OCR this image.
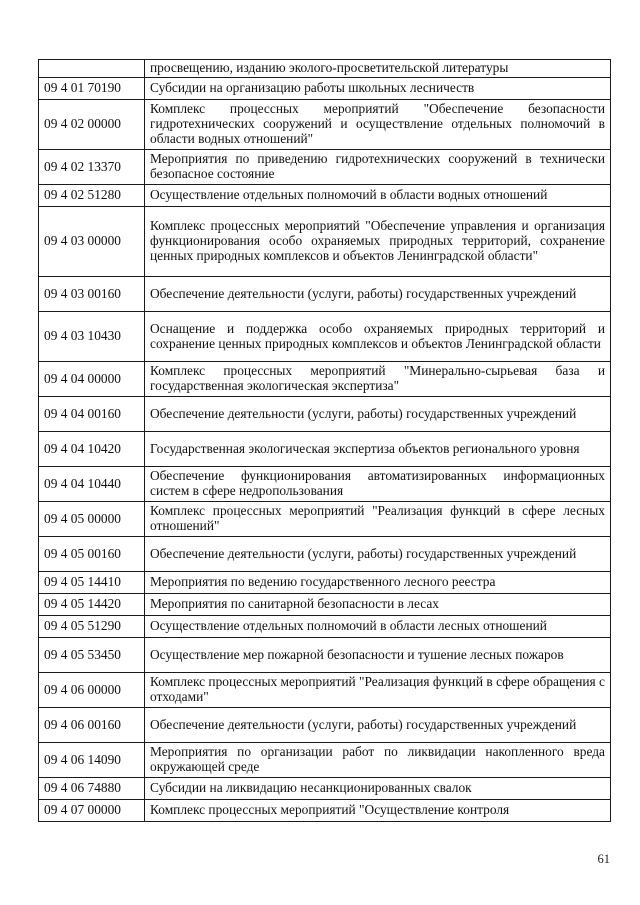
	просвещению, изданию эколого-просветительской литературы
09 4 01 70190	Субсидии на организацию работы школьных лесничеств
09 4 02 00000	Комплекс процессных мероприятий "Обеспечение безопасности гидротехнических сооружений и осуществление отдельных полномочий в области водных отношений"
09 4 02 13370	Мероприятия по приведению гидротехнических сооружений в технически безопасное состояние
09 4 02 51280	Осуществление отдельных полномочий в области водных отношений
09 4 03 00000	Комплекс процессных мероприятий "Обеспечение управления и организация функционирования особо охраняемых природных территорий, сохранение ценных природных комплексов и объектов Ленинградской области"
09 4 03 00160	Обеспечение деятельности (услуги, работы) государственных учреждений
09 4 03 10430	Оснащение и поддержка особо охраняемых природных территорий и сохранение ценных природных комплексов и объектов Ленинградской области
09 4 04 00000	Комплекс процессных мероприятий "Минерально-сырьевая база и государственная экологическая экспертиза"
09 4 04 00160	Обеспечение деятельности (услуги, работы) государственных учреждений
09 4 04 10420	Государственная экологическая экспертиза объектов регионального уровня
09 4 04 10440	Обеспечение функционирования автоматизированных информационных систем в сфере недропользования
09 4 05 00000	Комплекс процессных мероприятий "Реализация функций в сфере лесных отношений"
09 4 05 00160	Обеспечение деятельности (услуги, работы) государственных учреждений
09 4 05 14410	Мероприятия по ведению государственного лесного реестра
09 4 05 14420	Мероприятия по санитарной безопасности в лесах
09 4 05 51290	Осуществление отдельных полномочий в области лесных отношений
09 4 05 53450	Осуществление мер пожарной безопасности и тушение лесных пожаров
09 4 06 00000	Комплекс процессных мероприятий "Реализация функций в сфере обращения с отходами"
09 4 06 00160	Обеспечение деятельности (услуги, работы) государственных учреждений
09 4 06 14090	Мероприятия по организации работ по ликвидации накопленного вреда окружающей среде
09 4 06 74880	Субсидии на ликвидацию несанкционированных свалок
09 4 07 00000	Комплекс процессных мероприятий "Осуществление контроля
61
